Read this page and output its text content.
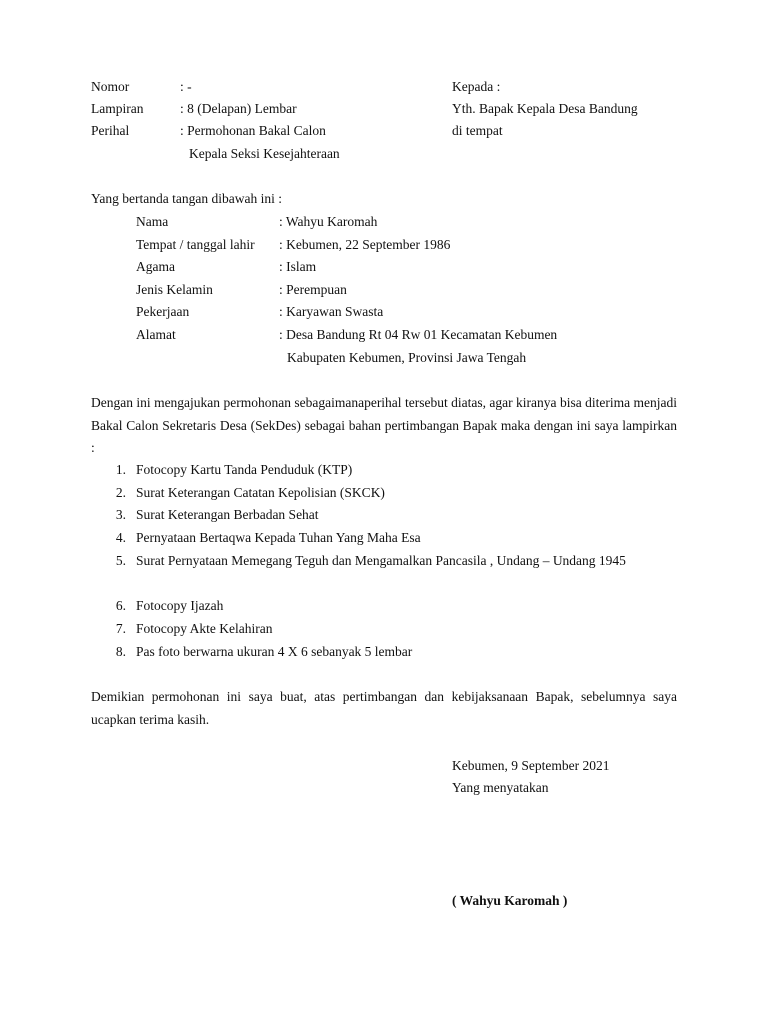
Nomor	: -
Lampiran	: 8 (Delapan) Lembar
Perihal	: Permohonan Bakal Calon
Kepala Seksi Kesejahteraan
Kepada :
Yth. Bapak Kepala Desa Bandung
di tempat
Yang bertanda tangan dibawah ini :
Nama	: Wahyu Karomah
Tempat / tanggal lahir : Kebumen, 22 September 1986
Agama	: Islam
Jenis Kelamin	: Perempuan
Pekerjaan	: Karyawan Swasta
Alamat	: Desa Bandung Rt 04 Rw 01 Kecamatan Kebumen
Kabupaten Kebumen, Provinsi Jawa Tengah
Dengan ini mengajukan permohonan sebagaimanaperihal tersebut diatas, agar kiranya bisa diterima menjadi Bakal Calon Sekretaris Desa (SekDes) sebagai bahan pertimbangan Bapak maka dengan ini saya lampirkan :
1. Fotocopy Kartu Tanda Penduduk (KTP)
2. Surat Keterangan Catatan Kepolisian (SKCK)
3. Surat Keterangan Berbadan Sehat
4. Pernyataan Bertaqwa Kepada Tuhan Yang Maha Esa
5. Surat Pernyataan Memegang Teguh dan Mengamalkan Pancasila , Undang – Undang 1945
6. Fotocopy Ijazah
7. Fotocopy Akte Kelahiran
8. Pas foto berwarna ukuran 4 X 6 sebanyak 5 lembar
Demikian permohonan ini saya buat, atas pertimbangan dan kebijaksanaan Bapak, sebelumnya saya ucapkan terima kasih.
Kebumen, 9 September 2021
Yang menyatakan
( Wahyu Karomah )
